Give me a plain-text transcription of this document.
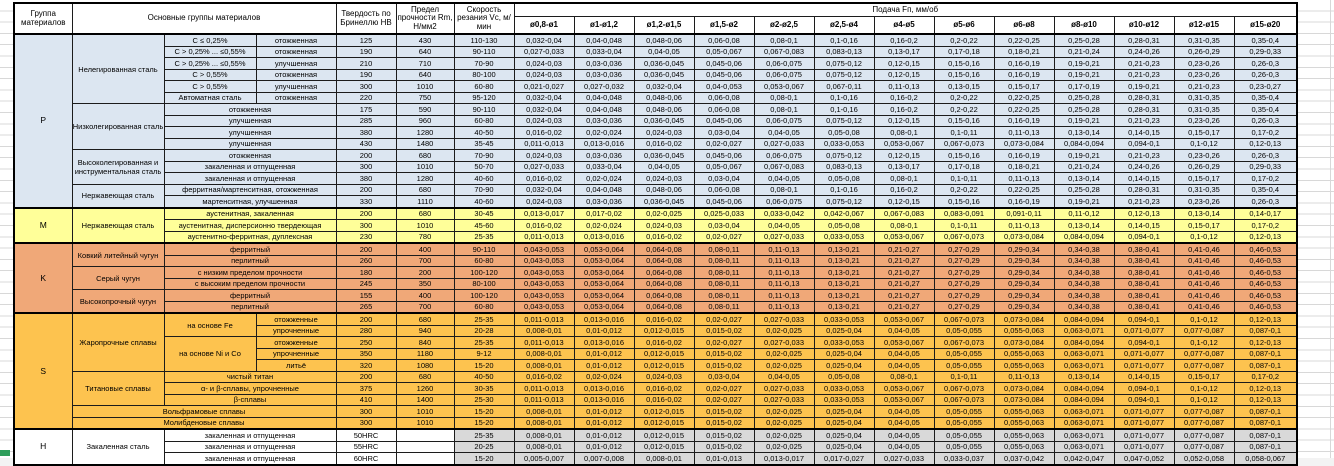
Группа материалов	Основные группы материалов			Твердость по Бринеллю HB	Предел прочности Rm, Н/мм2	Скорость резания Vc, м/мин	Подача Fп, мм/об												
							ø0,8-ø1	ø1-ø1,2	ø1,2-ø1,5	ø1,5-ø2	ø2-ø2,5	ø2,5-ø4	ø4-ø5	ø5-ø6	ø6-ø8	ø8-ø10	ø10-ø12	ø12-ø15	ø15-ø20
P	Нелегированная сталь	C ≤ 0,25%	отожженная	125	430	110-130	0,032-0,04	0,04-0,048	0,048-0,06	0,06-0,08	0,08-0,1	0,1-0,16	0,16-0,2	0,2-0,22	0,22-0,25	0,25-0,28	0,28-0,31	0,31-0,35	0,35-0,4
		C > 0,25% ... ≤0,55%	отожженная	190	640	90-110	0,027-0,033	0,033-0,04	0,04-0,05	0,05-0,067	0,067-0,083	0,083-0,13	0,13-0,17	0,17-0,18	0,18-0,21	0,21-0,24	0,24-0,26	0,26-0,29	0,29-0,33
		C > 0,25% ... ≤0,55%	улучшенная	210	710	70-90	0,024-0,03	0,03-0,036	0,036-0,045	0,045-0,06	0,06-0,075	0,075-0,12	0,12-0,15	0,15-0,16	0,16-0,19	0,19-0,21	0,21-0,23	0,23-0,26	0,26-0,3
		C > 0,55%	отожженная	190	640	80-100	0,024-0,03	0,03-0,036	0,036-0,045	0,045-0,06	0,06-0,075	0,075-0,12	0,12-0,15	0,15-0,16	0,16-0,19	0,19-0,21	0,21-0,23	0,23-0,26	0,26-0,3
		C > 0,55%	улучшенная	300	1010	60-80	0,021-0,027	0,027-0,032	0,032-0,04	0,04-0,053	0,053-0,067	0,067-0,11	0,11-0,13	0,13-0,15	0,15-0,17	0,17-0,19	0,19-0,21	0,21-0,23	0,23-0,27
		Автоматная сталь	отожженная	220	750	95-120	0,032-0,04	0,04-0,048	0,048-0,06	0,06-0,08	0,08-0,1	0,1-0,16	0,16-0,2	0,2-0,22	0,22-0,25	0,25-0,28	0,28-0,31	0,31-0,35	0,35-0,4
	Низколегированная сталь	отожженная		175	590	90-110	0,032-0,04	0,04-0,048	0,048-0,06	0,06-0,08	0,08-0,1	0,1-0,16	0,16-0,2	0,2-0,22	0,22-0,25	0,25-0,28	0,28-0,31	0,31-0,35	0,35-0,4
		улучшенная		285	960	60-80	0,024-0,03	0,03-0,036	0,036-0,045	0,045-0,06	0,06-0,075	0,075-0,12	0,12-0,15	0,15-0,16	0,16-0,19	0,19-0,21	0,21-0,23	0,23-0,26	0,26-0,3
		улучшенная		380	1280	40-50	0,016-0,02	0,02-0,024	0,024-0,03	0,03-0,04	0,04-0,05	0,05-0,08	0,08-0,1	0,1-0,11	0,11-0,13	0,13-0,14	0,14-0,15	0,15-0,17	0,17-0,2
		улучшенная		430	1480	35-45	0,011-0,013	0,013-0,016	0,016-0,02	0,02-0,027	0,027-0,033	0,033-0,053	0,053-0,067	0,067-0,073	0,073-0,084	0,084-0,094	0,094-0,1	0,1-0,12	0,12-0,13
	Высоколегированная и инструментальная сталь	отожженная		200	680	70-90	0,024-0,03	0,03-0,036	0,036-0,045	0,045-0,06	0,06-0,075	0,075-0,12	0,12-0,15	0,15-0,16	0,16-0,19	0,19-0,21	0,21-0,23	0,23-0,26	0,26-0,3
		закаленная и отпущенная		300	1010	50-70	0,027-0,033	0,033-0,04	0,04-0,05	0,05-0,067	0,067-0,083	0,083-0,13	0,13-0,17	0,17-0,18	0,18-0,21	0,21-0,24	0,24-0,26	0,26-0,29	0,29-0,33
		закаленная и отпущенная		380	1280	40-60	0,016-0,02	0,02-0,024	0,024-0,03	0,03-0,04	0,04-0,05	0,05-0,08	0,08-0,1	0,1-0,11	0,11-0,13	0,13-0,14	0,14-0,15	0,15-0,17	0,17-0,2
	Нержавеющая сталь	ферритная/мартенситная, отожженная		200	680	70-90	0,032-0,04	0,04-0,048	0,048-0,06	0,06-0,08	0,08-0,1	0,1-0,16	0,16-0,2	0,2-0,22	0,22-0,25	0,25-0,28	0,28-0,31	0,31-0,35	0,35-0,4
		мартенситная, улучшенная		330	1110	40-60	0,024-0,03	0,03-0,036	0,036-0,045	0,045-0,06	0,06-0,075	0,075-0,12	0,12-0,15	0,15-0,16	0,16-0,19	0,19-0,21	0,21-0,23	0,23-0,26	0,26-0,3
M	Нержавеющая сталь	аустенитная, закаленная		200	680	30-45	0,013-0,017	0,017-0,02	0,02-0,025	0,025-0,033	0,033-0,042	0,042-0,067	0,067-0,083	0,083-0,091	0,091-0,11	0,11-0,12	0,12-0,13	0,13-0,14	0,14-0,17
		аустенитная, дисперсионно твердеющая		300	1010	45-60	0,016-0,02	0,02-0,024	0,024-0,03	0,03-0,04	0,04-0,05	0,05-0,08	0,08-0,1	0,1-0,11	0,11-0,13	0,13-0,14	0,14-0,15	0,15-0,17	0,17-0,2
		аустенитно-ферритная, дуплексная		230	780	25-35	0,011-0,013	0,013-0,016	0,016-0,02	0,02-0,027	0,027-0,033	0,033-0,053	0,053-0,067	0,067-0,073	0,073-0,084	0,084-0,094	0,094-0,1	0,1-0,12	0,12-0,13
K	Ковкий литейный чугун	ферритный		200	400	90-110	0,043-0,053	0,053-0,064	0,064-0,08	0,08-0,11	0,11-0,13	0,13-0,21	0,21-0,27	0,27-0,29	0,29-0,34	0,34-0,38	0,38-0,41	0,41-0,46	0,46-0,53
		перлитный		260	700	60-80	0,043-0,053	0,053-0,064	0,064-0,08	0,08-0,11	0,11-0,13	0,13-0,21	0,21-0,27	0,27-0,29	0,29-0,34	0,34-0,38	0,38-0,41	0,41-0,46	0,46-0,53
	Серый чугун	с низким пределом прочности		180	200	100-120	0,043-0,053	0,053-0,064	0,064-0,08	0,08-0,11	0,11-0,13	0,13-0,21	0,21-0,27	0,27-0,29	0,29-0,34	0,34-0,38	0,38-0,41	0,41-0,46	0,46-0,53
		с высоким пределом прочности		245	350	80-100	0,043-0,053	0,053-0,064	0,064-0,08	0,08-0,11	0,11-0,13	0,13-0,21	0,21-0,27	0,27-0,29	0,29-0,34	0,34-0,38	0,38-0,41	0,41-0,46	0,46-0,53
	Высокопрочный чугун	ферритный		155	400	100-120	0,043-0,053	0,053-0,064	0,064-0,08	0,08-0,11	0,11-0,13	0,13-0,21	0,21-0,27	0,27-0,29	0,29-0,34	0,34-0,38	0,38-0,41	0,41-0,46	0,46-0,53
		перлитный		265	700	60-80	0,043-0,053	0,053-0,064	0,064-0,08	0,08-0,11	0,11-0,13	0,13-0,21	0,21-0,27	0,27-0,29	0,29-0,34	0,34-0,38	0,38-0,41	0,41-0,46	0,46-0,53
S	Жаропрочные сплавы	на основе Fe	отожженные	200	680	25-35	0,011-0,013	0,013-0,016	0,016-0,02	0,02-0,027	0,027-0,033	0,033-0,053	0,053-0,067	0,067-0,073	0,073-0,084	0,084-0,094	0,094-0,1	0,1-0,12	0,12-0,13
			упрочненные	280	940	20-28	0,008-0,01	0,01-0,012	0,012-0,015	0,015-0,02	0,02-0,025	0,025-0,04	0,04-0,05	0,05-0,055	0,055-0,063	0,063-0,071	0,071-0,077	0,077-0,087	0,087-0,1
		на основе Ni и Co	отожженные	250	840	25-35	0,011-0,013	0,013-0,016	0,016-0,02	0,02-0,027	0,027-0,033	0,033-0,053	0,053-0,067	0,067-0,073	0,073-0,084	0,084-0,094	0,094-0,1	0,1-0,12	0,12-0,13
			упрочненные	350	1180	9-12	0,008-0,01	0,01-0,012	0,012-0,015	0,015-0,02	0,02-0,025	0,025-0,04	0,04-0,05	0,05-0,055	0,055-0,063	0,063-0,071	0,071-0,077	0,077-0,087	0,087-0,1
			литьё	320	1080	15-20	0,008-0,01	0,01-0,012	0,012-0,015	0,015-0,02	0,02-0,025	0,025-0,04	0,04-0,05	0,05-0,055	0,055-0,063	0,063-0,071	0,071-0,077	0,077-0,087	0,087-0,1
	Титановые сплавы	чистый титан		200	680	40-50	0,016-0,02	0,02-0,024	0,024-0,03	0,03-0,04	0,04-0,05	0,05-0,08	0,08-0,1	0,1-0,11	0,11-0,13	0,13-0,14	0,14-0,15	0,15-0,17	0,17-0,2
		α- и β-сплавы, упрочненные		375	1260	30-35	0,011-0,013	0,013-0,016	0,016-0,02	0,02-0,027	0,027-0,033	0,033-0,053	0,053-0,067	0,067-0,073	0,073-0,084	0,084-0,094	0,094-0,1	0,1-0,12	0,12-0,13
		β-сплавы		410	1400	25-30	0,011-0,013	0,013-0,016	0,016-0,02	0,02-0,027	0,027-0,033	0,033-0,053	0,053-0,067	0,067-0,073	0,073-0,084	0,084-0,094	0,094-0,1	0,1-0,12	0,12-0,13
	Вольфрамовые сплавы			300	1010	15-20	0,008-0,01	0,01-0,012	0,012-0,015	0,015-0,02	0,02-0,025	0,025-0,04	0,04-0,05	0,05-0,055	0,055-0,063	0,063-0,071	0,071-0,077	0,077-0,087	0,087-0,1
	Молибденовые сплавы			300	1010	15-20	0,008-0,01	0,01-0,012	0,012-0,015	0,015-0,02	0,02-0,025	0,025-0,04	0,04-0,05	0,05-0,055	0,055-0,063	0,063-0,071	0,071-0,077	0,077-0,087	0,087-0,1
H	Закаленная сталь	закаленная и отпущенная		50HRC		25-35	0,008-0,01	0,01-0,012	0,012-0,015	0,015-0,02	0,02-0,025	0,025-0,04	0,04-0,05	0,05-0,055	0,055-0,063	0,063-0,071	0,071-0,077	0,077-0,087	0,087-0,1
		закаленная и отпущенная		55HRC		20-25	0,008-0,01	0,01-0,012	0,012-0,015	0,015-0,02	0,02-0,025	0,025-0,04	0,04-0,05	0,05-0,055	0,055-0,063	0,063-0,071	0,071-0,077	0,077-0,087	0,087-0,1
		закаленная и отпущенная		60HRC		15-20	0,005-0,007	0,007-0,008	0,008-0,01	0,01-0,013	0,013-0,017	0,017-0,027	0,027-0,033	0,033-0,037	0,037-0,042	0,042-0,047	0,047-0,052	0,052-0,058	0,058-0,067
